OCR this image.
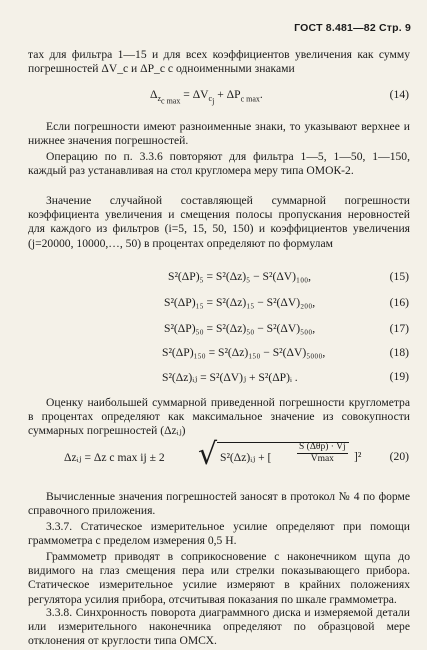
ГОСТ 8.481—82 Стр. 9
тах для фильтра 1—15 и для всех коэффициентов увеличения как сумму погрешностей ΔV_c и ΔP_c с одноименными знаками
$\Delta_{z_{c max}} = \Delta V_{c_j} + \Delta P_{c max}$.	(14)
Если погрешности имеют разноименные знаки, то указывают верхнее и нижнее значения погрешностей.
Операцию по п. 3.3.6 повторяют для фильтра 1—5, 1—50, 1—150, каждый раз устанавливая на стол кругломера меру типа ОМОК-2.
Значение случайной составляющей суммарной погрешности коэффициента увеличения и смещения полосы пропускания неровностей для каждого из фильтров (i=5, 15, 50, 150) и коэффициентов увеличения (j=20000, 10000,…, 50) в процентах определяют по формулам
S²(ΔP)₅ = S²(Δz)₅ − S²(ΔV)₁₀₀,	(15)
S²(ΔP)₁₅ = S²(Δz)₁₅ − S²(ΔV)₂₀₀,	(16)
S²(ΔP)₅₀ = S²(Δz)₅₀ − S²(ΔV)₅₀₀,	(17)
S²(ΔP)₁₅₀ = S²(Δz)₁₅₀ − S²(ΔV)₅₀₀₀,	(18)
S²(Δz)ᵢⱼ = S²(ΔV)ⱼ + S²(ΔP)ᵢ .	(19)
Оценку наибольшей суммарной приведенной погрешности круглометра в процентах определяют как максимальное значение из совокупности суммарных погрешностей (Δzᵢⱼ)
Δzᵢⱼ = Δz c max ij ± 2 √ S²(Δz)ᵢⱼ + [
S (Δθp) · Vj
Vmax	]² (20)
Вычисленные значения погрешностей заносят в протокол № 4 по форме справочного приложения.
3.3.7. Статическое измерительное усилие определяют при помощи граммометра с пределом измерения 0,5 Н.
Граммометр приводят в соприкосновение с наконечником щупа до видимого на глаз смещения пера или стрелки показывающего прибора. Статическое измерительное усилие измеряют в крайних положениях регулятора усилия прибора, отсчитывая показания по шкале граммометра.
3.3.8. Синхронность поворота диаграммного диска и измеряемой детали или измерительного наконечника определяют по образцовой мере отклонения от круглости типа ОМСХ.
